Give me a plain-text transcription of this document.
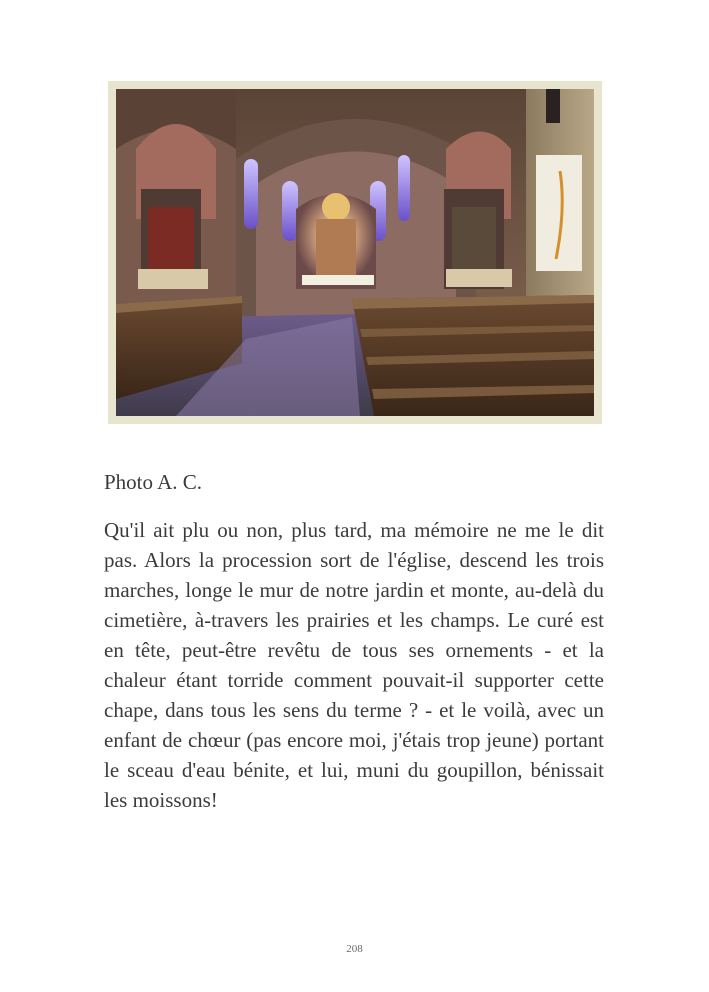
Photo A. C.

Qu'il ait plu ou non, plus tard, ma mémoire ne me le dit pas. Alors la procession sort de l'église, descend les trois marches, longe le mur de notre jardin et monte, au-delà du cimetière, à-travers les prairies et les champs. Le curé est en tête, peut-être revêtu de tous ses ornements - et la chaleur étant torride comment pouvait-il supporter cette chape, dans tous les sens du terme ? - et le voilà, avec un enfant de chœur (pas encore moi, j'étais trop jeune) portant le sceau d'eau bénite, et lui, muni du goupillon, bénissait les moissons!

208
